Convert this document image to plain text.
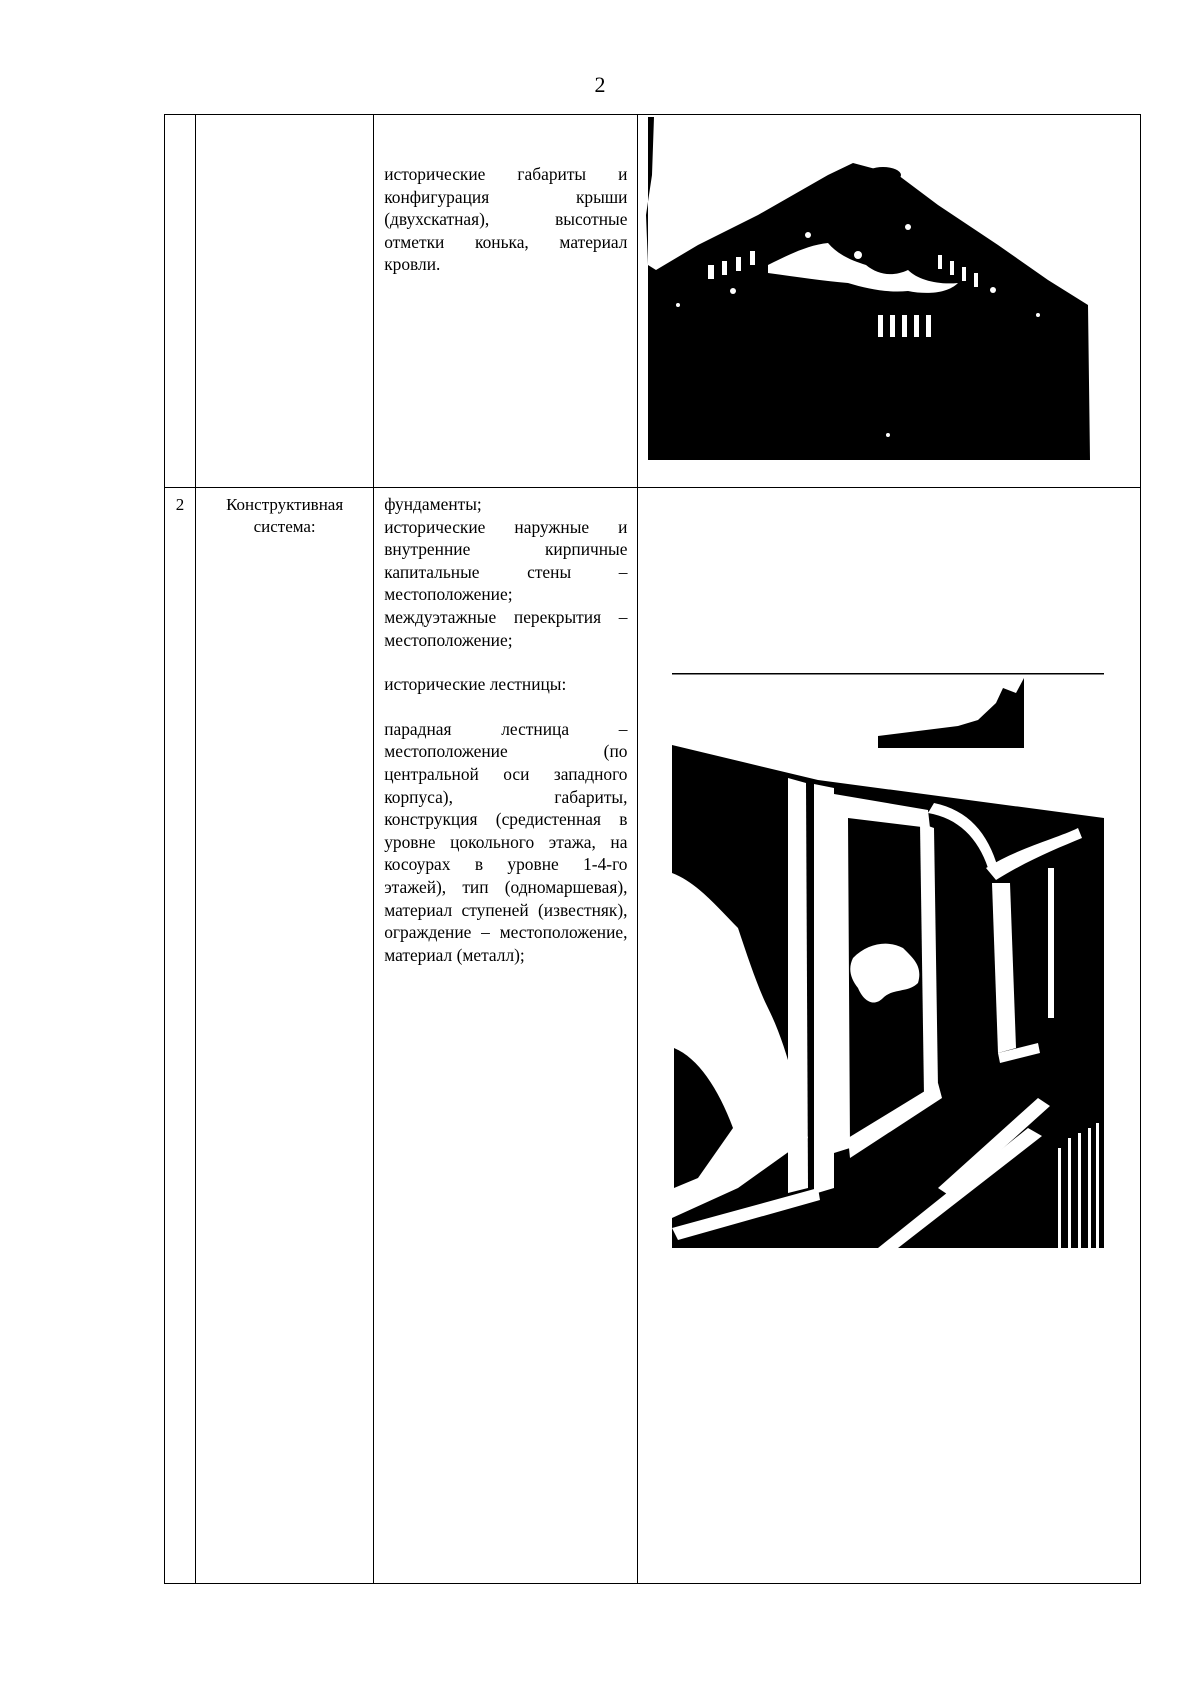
2

		исторические габариты и конфигурация крыши (двухскатная), высотные отметки конька, материал кровли.

2	Конструктивная система:	фундаменты;

исторические наружные и внутренние кирпичные капитальные стены – местоположение;

междуэтажные перекрытия – местоположение;

исторические лестницы:

парадная лестница – местоположение (по центральной оси западного корпуса), габариты, конструкция (средистенная в уровне цокольного этажа, на косоурах в уровне 1-4-го этажей), тип (одномаршевая), материал ступеней (известняк), ограждение – местоположение, материал (металл);
